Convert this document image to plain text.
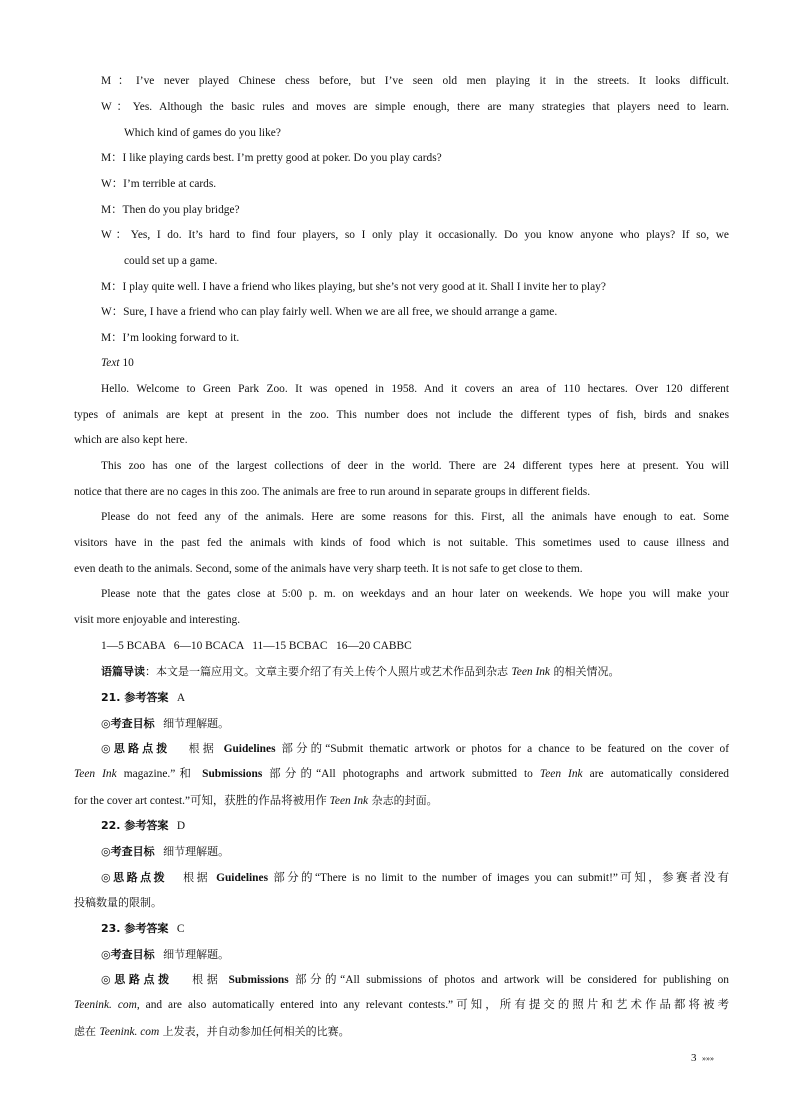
M：I’ve never played Chinese chess before, but I’ve seen old men playing it in the streets. It looks difficult.
W：Yes. Although the basic rules and moves are simple enough, there are many strategies that players need to learn.
Which kind of games do you like?
M：I like playing cards best. I’m pretty good at poker. Do you play cards?
W：I’m terrible at cards.
M：Then do you play bridge?
W：Yes, I do. It’s hard to find four players, so I only play it occasionally. Do you know anyone who plays? If so, we
could set up a game.
M：I play quite well. I have a friend who likes playing, but she’s not very good at it. Shall I invite her to play?
W：Sure, I have a friend who can play fairly well. When we are all free, we should arrange a game.
M：I’m looking forward to it.
Text 10
Hello. Welcome to Green Park Zoo. It was opened in 1958. And it covers an area of 110 hectares. Over 120 different
types of animals are kept at present in the zoo. This number does not include the different types of fish, birds and snakes
which are also kept here.
This zoo has one of the largest collections of deer in the world. There are 24 different types here at present. You will
notice that there are no cages in this zoo. The animals are free to run around in separate groups in different fields.
Please do not feed any of the animals. Here are some reasons for this. First, all the animals have enough to eat. Some
visitors have in the past fed the animals with kinds of food which is not suitable. This sometimes used to cause illness and
even death to the animals. Second, some of the animals have very sharp teeth. It is not safe to get close to them.
Please note that the gates close at 5:00 p. m. on weekdays and an hour later on weekends. We hope you will make your
visit more enjoyable and interesting.
1—5 BCABA   6—10 BCACA   11—15 BCBAC   16—20 CABBC
语篇导读：本文是一篇应用文。文章主要介绍了有关上传个人照片或艺术作品到杂志 Teen Ink 的相关情况。
21. 参考答案 A
◎考查目标 细节理解题。
◎思路点拨 根据 Guidelines 部分的“Submit thematic artwork or photos for a chance to be featured on the cover of
Teen Ink magazine.”和 Submissions 部分的“All photographs and artwork submitted to Teen Ink are automatically considered
for the cover art contest.”可知，获胜的作品将被用作 Teen Ink 杂志的封面。
22. 参考答案 D
◎考查目标 细节理解题。
◎思路点拨 根据 Guidelines 部分的“There is no limit to the number of images you can submit!”可知，参赛者没有
投稿数量的限制。
23. 参考答案 C
◎考查目标 细节理解题。
◎思路点拨 根据 Submissions 部分的“All submissions of photos and artwork will be considered for publishing on
Teenink. com, and are also automatically entered into any relevant contests.”可知，所有提交的照片和艺术作品都将被考
虑在 Teenink. com 上发表，并自动参加任何相关的比赛。
3 »»»
